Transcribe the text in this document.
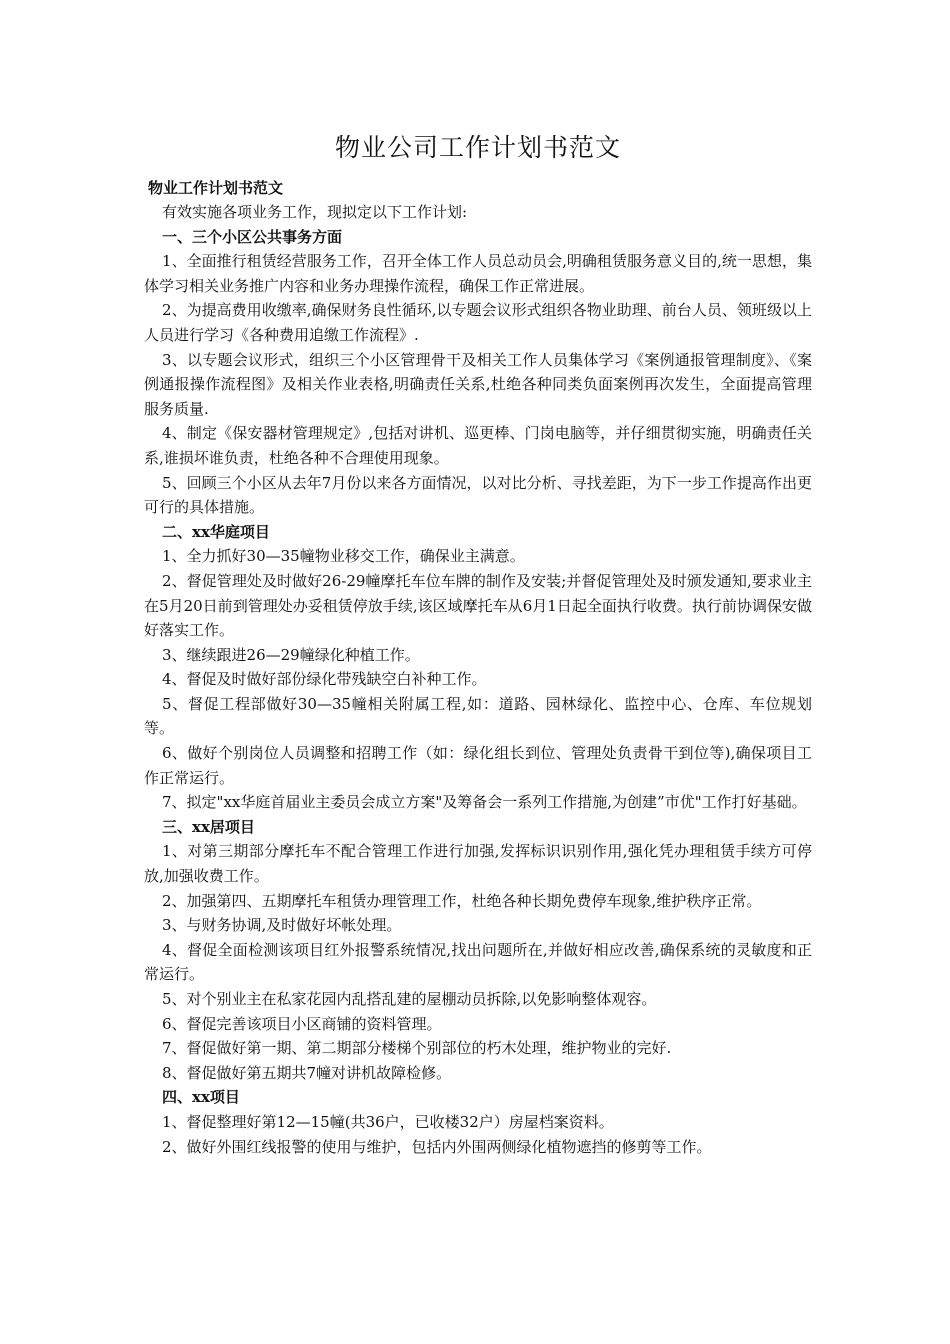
物业公司工作计划书范文

物业工作计划书范文

有效实施各项业务工作，现拟定以下工作计划:

一、三个小区公共事务方面

1、全面推行租赁经营服务工作，召开全体工作人员总动员会,明确租赁服务意义目的,统一思想，集体学习相关业务推广内容和业务办理操作流程，确保工作正常进展。

2、为提高费用收缴率,确保财务良性循环,以专题会议形式组织各物业助理、前台人员、领班级以上人员进行学习《各种费用追缴工作流程》.

3、以专题会议形式，组织三个小区管理骨干及相关工作人员集体学习《案例通报管理制度》、《案例通报操作流程图》及相关作业表格,明确责任关系,杜绝各种同类负面案例再次发生，全面提高管理服务质量.

4、制定《保安器材管理规定》,包括对讲机、巡更棒、门岗电脑等，并仔细贯彻实施，明确责任关系,谁损坏谁负责，杜绝各种不合理使用现象。

5、回顾三个小区从去年7月份以来各方面情况，以对比分析、寻找差距，为下一步工作提高作出更可行的具体措施。

二、xx华庭项目

1、全力抓好30—35幢物业移交工作，确保业主满意。

2、督促管理处及时做好26-29幢摩托车位车牌的制作及安装;并督促管理处及时颁发通知,要求业主在5月20日前到管理处办妥租赁停放手续,该区域摩托车从6月1日起全面执行收费。执行前协调保安做好落实工作。

3、继续跟进26—29幢绿化种植工作。

4、督促及时做好部份绿化带残缺空白补种工作。

5、督促工程部做好30—35幢相关附属工程,如：道路、园林绿化、监控中心、仓库、车位规划等。

6、做好个别岗位人员调整和招聘工作（如：绿化组长到位、管理处负责骨干到位等),确保项目工作正常运行。

7、拟定"xx华庭首届业主委员会成立方案"及筹备会一系列工作措施,为创建”市优"工作打好基础。

三、xx居项目

1、对第三期部分摩托车不配合管理工作进行加强,发挥标识识别作用,强化凭办理租赁手续方可停放,加强收费工作。

2、加强第四、五期摩托车租赁办理管理工作，杜绝各种长期免费停车现象,维护秩序正常。

3、与财务协调,及时做好坏帐处理。

4、督促全面检测该项目红外报警系统情况,找出问题所在,并做好相应改善,确保系统的灵敏度和正常运行。

5、对个别业主在私家花园内乱搭乱建的屋棚动员拆除,以免影响整体观容。

6、督促完善该项目小区商铺的资料管理。

7、督促做好第一期、第二期部分楼梯个别部位的朽木处理，维护物业的完好.

8、督促做好第五期共7幢对讲机故障检修。

四、xx项目

1、督促整理好第12—15幢(共36户，已收楼32户）房屋档案资料。

2、做好外围红线报警的使用与维护，包括内外围两侧绿化植物遮挡的修剪等工作。
